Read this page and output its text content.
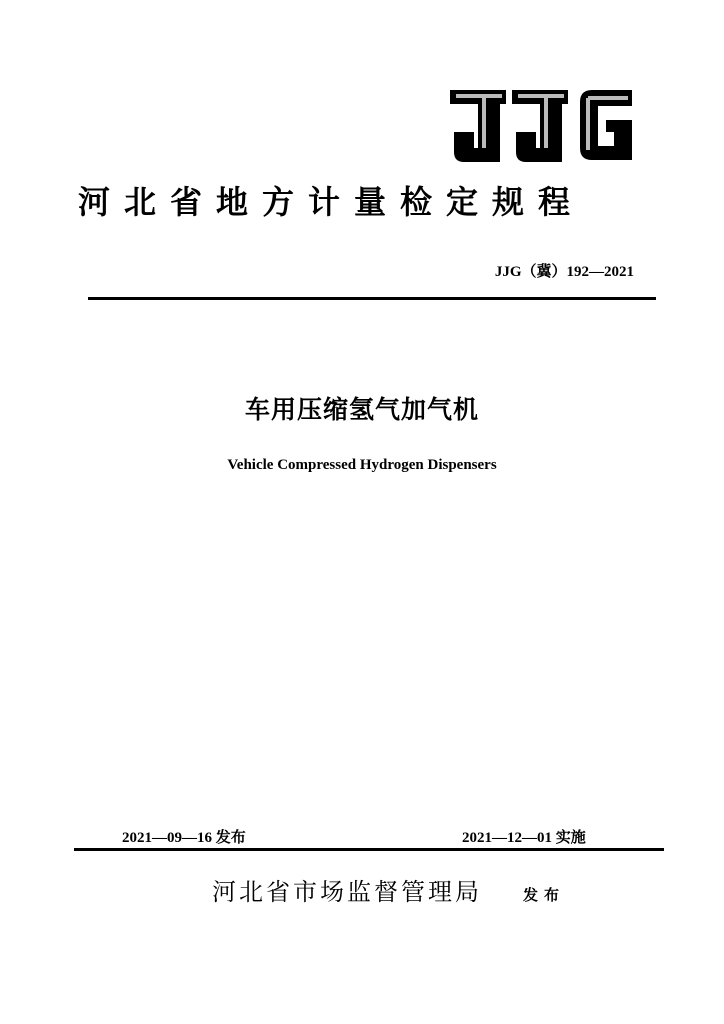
JJG
河北省地方计量检定规程
JJG（冀）192—2021
车用压缩氢气加气机
Vehicle Compressed Hydrogen Dispensers
2021—09—16 发布	2021—12—01 实施
河北省市场监督管理局	发布
